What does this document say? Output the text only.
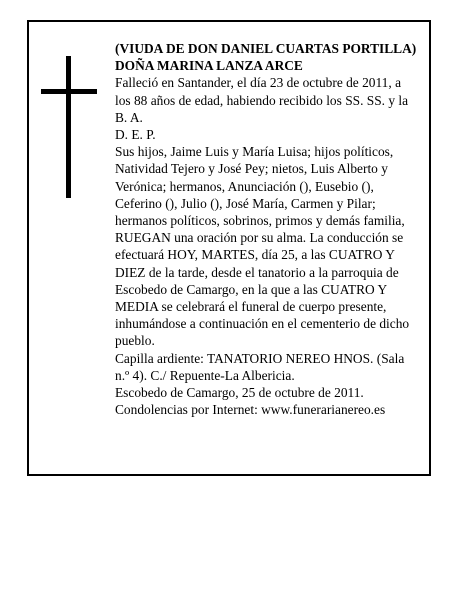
(VIUDA DE DON DANIEL CUARTAS PORTILLA)

DOÑA MARINA LANZA ARCE

Falleció en Santander, el día 23 de octubre de 2011, a los 88 años de edad, habiendo recibido los SS. SS. y la B. A.

D. E. P.

Sus hijos, Jaime Luis y María Luisa; hijos políticos, Natividad Tejero y José Pey; nietos, Luis Alberto y Verónica; hermanos, Anunciación (), Eusebio (), Ceferino (), Julio (), José María, Carmen y Pilar; hermanos políticos, sobrinos, primos y demás familia, RUEGAN una oración por su alma. La conducción se efectuará HOY, MARTES, día 25, a las CUATRO Y DIEZ de la tarde, desde el tanatorio a la parroquia de Escobedo de Camargo, en la que a las CUATRO Y MEDIA se celebrará el funeral de cuerpo presente, inhumándose a continuación en el cementerio de dicho pueblo.

Capilla ardiente: TANATORIO NEREO HNOS. (Sala n.º 4). C./ Repuente-La Albericia.

Escobedo de Camargo, 25 de octubre de 2011.

Condolencias por Internet: www.funerarianereo.es
